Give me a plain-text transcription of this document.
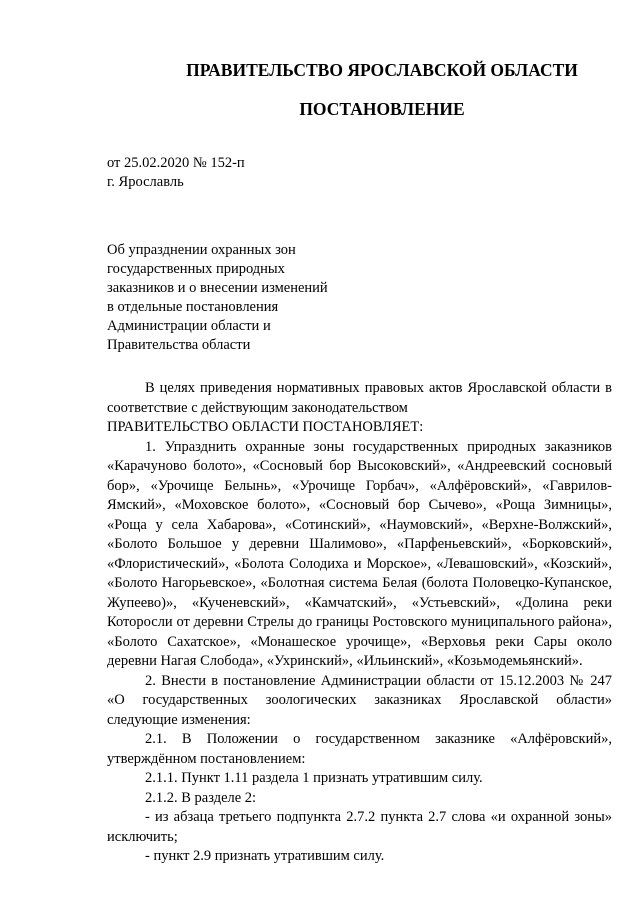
ПРАВИТЕЛЬСТВО ЯРОСЛАВСКОЙ ОБЛАСТИ
ПОСТАНОВЛЕНИЕ
от 25.02.2020 № 152-п
г. Ярославль
Об упразднении охранных зон
государственных природных
заказников и о внесении изменений
в отдельные постановления
Администрации области и
Правительства области

В целях приведения нормативных правовых актов Ярославской области в соответствие с действующим законодательством

ПРАВИТЕЛЬСТВО ОБЛАСТИ ПОСТАНОВЛЯЕТ:

1. Упразднить охранные зоны государственных природных заказников «Карачуново болото», «Сосновый бор Высоковский», «Андреевский сосновый бор», «Урочище Белынь», «Урочище Горбач», «Алфёровский», «Гаврилов-Ямский», «Моховское болото», «Сосновый бор Сычево», «Роща Зимницы», «Роща у села Хабарова», «Сотинский», «Наумовский», «Верхне-Волжский», «Болото Большое у деревни Шалимово», «Парфеньевский», «Борковский», «Флористический», «Болота Солодиха и Морское», «Левашовский», «Козский», «Болото Нагорьевское», «Болотная система Белая (болота Половецко-Купанское, Жупеево)», «Кученевский», «Камчатский», «Устьевский», «Долина реки Которосли от деревни Стрелы до границы Ростовского муниципального района», «Болото Сахатское», «Монашеское урочище», «Верховья реки Сары около деревни Нагая Слобода», «Ухринский», «Ильинский», «Козьмодемьянский».

2. Внести в постановление Администрации области от 15.12.2003 № 247 «О государственных зоологических заказниках Ярославской области» следующие изменения:

2.1. В Положении о государственном заказнике «Алфёровский», утверждённом постановлением:

2.1.1. Пункт 1.11 раздела 1 признать утратившим силу.

2.1.2. В разделе 2:

- из абзаца третьего подпункта 2.7.2 пункта 2.7 слова «и охранной зоны» исключить;

- пункт 2.9 признать утратившим силу.
